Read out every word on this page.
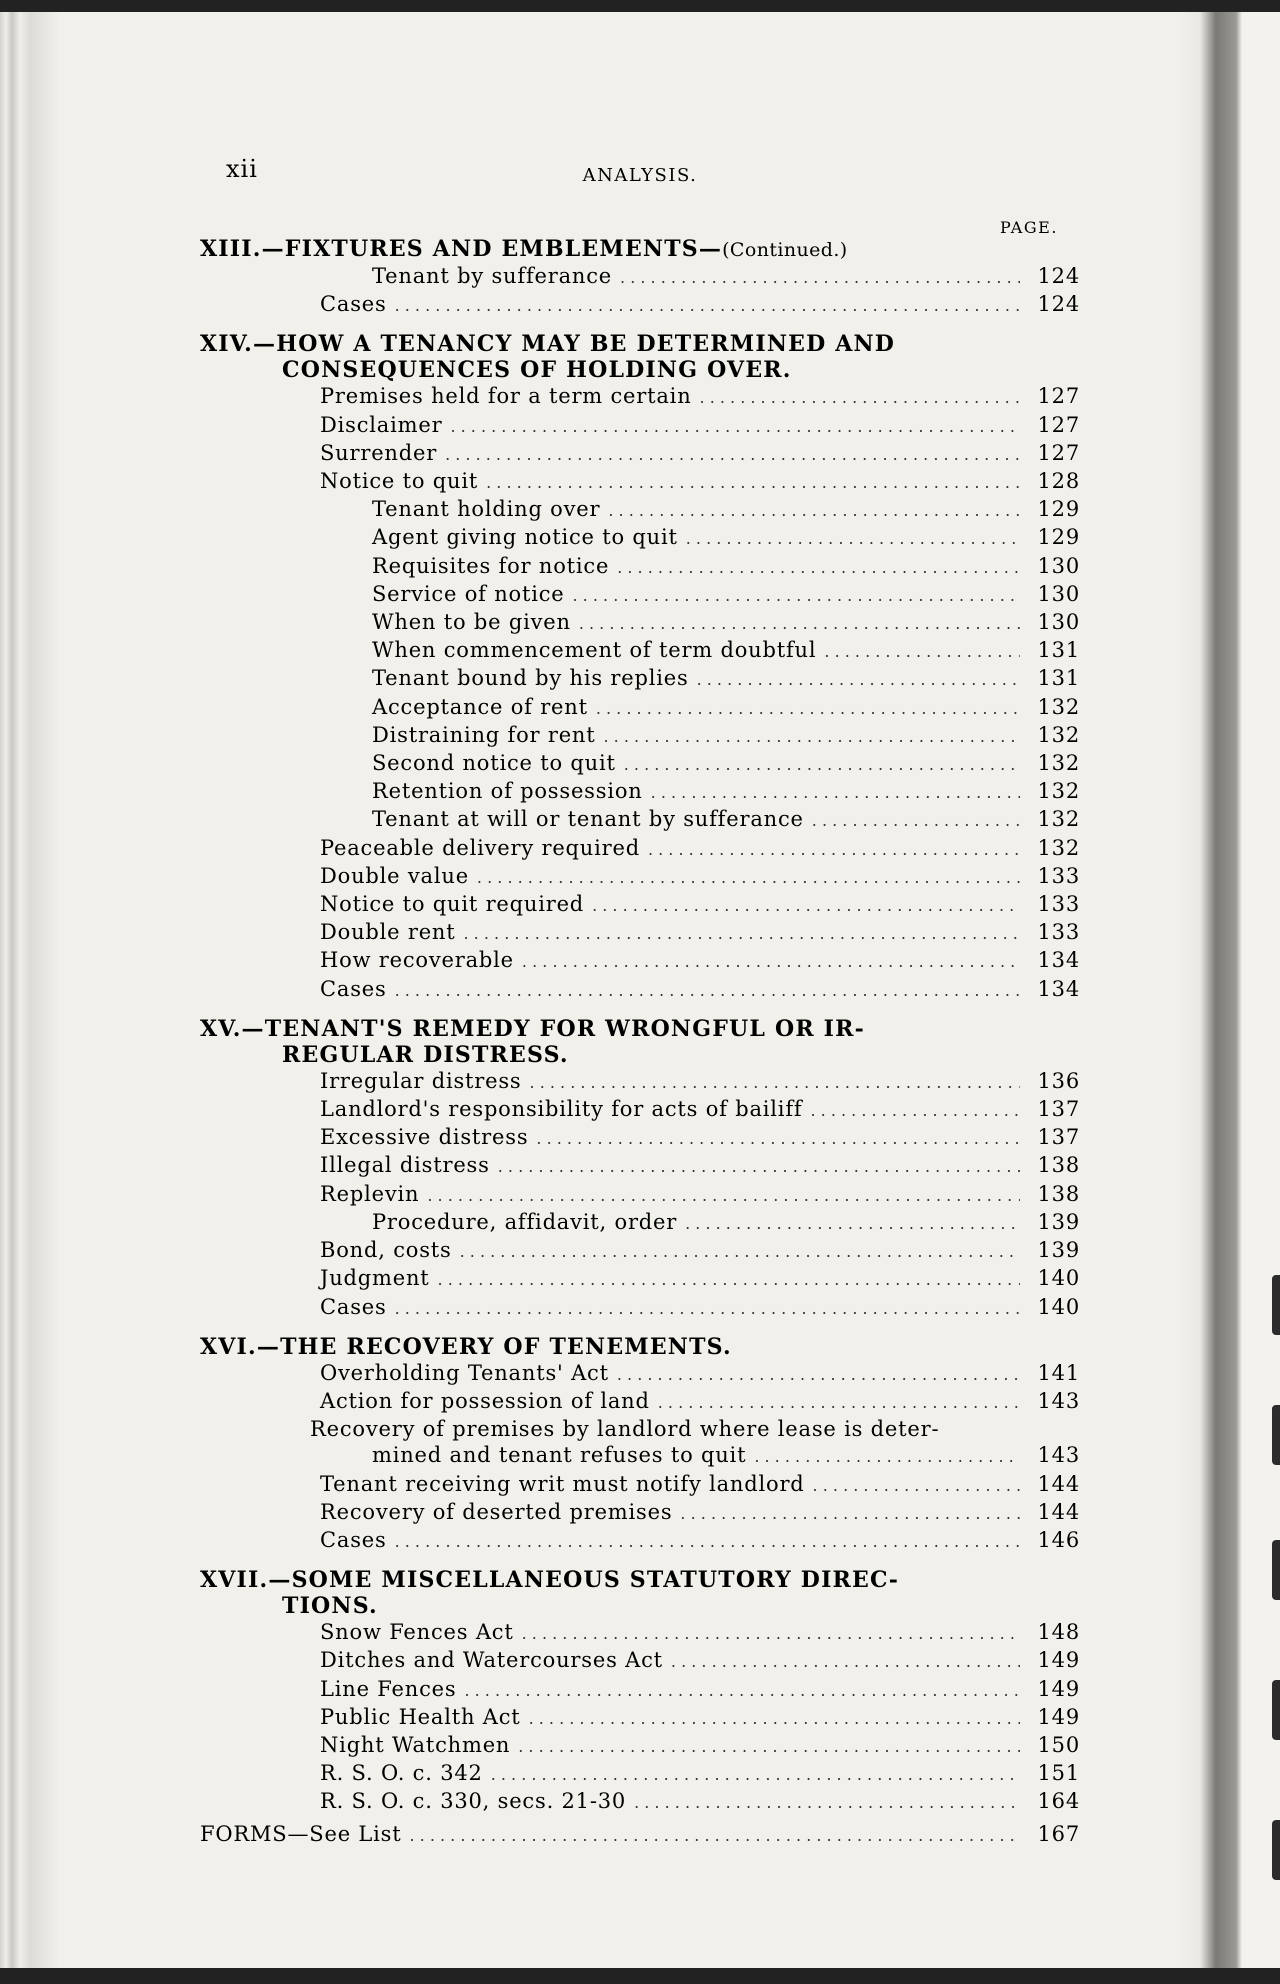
xii	ANALYSIS.
PAGE.
XIII.—FIXTURES AND EMBLEMENTS—(Continued.)
Tenant by sufferance . . .	124
Cases . . .	124
XIV.—HOW A TENANCY MAY BE DETERMINED AND
CONSEQUENCES OF HOLDING OVER.
Premises held for a term certain . . .	127
Disclaimer . . .	127
Surrender . . .	127
Notice to quit . . .	128
Tenant holding over . . .	129
Agent giving notice to quit . . .	129
Requisites for notice . . .	130
Service of notice . . .	130
When to be given . . .	130
When commencement of term doubtful . . .	131
Tenant bound by his replies . . .	131
Acceptance of rent . . .	132
Distraining for rent . . .	132
Second notice to quit . . .	132
Retention of possession . . .	132
Tenant at will or tenant by sufferance . . .	132
Peaceable delivery required . . .	132
Double value . . .	133
Notice to quit required . . .	133
Double rent . . .	133
How recoverable . . .	134
Cases . . .	134
XV.—TENANT'S REMEDY FOR WRONGFUL OR IR-
REGULAR DISTRESS.
Irregular distress . . .	136
Landlord's responsibility for acts of bailiff . . .	137
Excessive distress . . .	137
Illegal distress . . .	138
Replevin . . .	138
Procedure, affidavit, order . . .	139
Bond, costs . . .	139
Judgment . . .	140
Cases . . .	140
XVI.—THE RECOVERY OF TENEMENTS.
Overholding Tenants' Act . . .	141
Action for possession of land . . .	143
Recovery of premises by landlord where lease is deter-
mined and tenant refuses to quit . . .	143
Tenant receiving writ must notify landlord . . .	144
Recovery of deserted premises . . .	144
Cases . . .	146
XVII.—SOME MISCELLANEOUS STATUTORY DIREC-
TIONS.
Snow Fences Act . . .	148
Ditches and Watercourses Act . . .	149
Line Fences . . .	149
Public Health Act . . .	149
Night Watchmen . . .	150
R. S. O. c. 342 . . .	151
R. S. O. c. 330, secs. 21-30 . . .	164
FORMS—See List . . .	167
